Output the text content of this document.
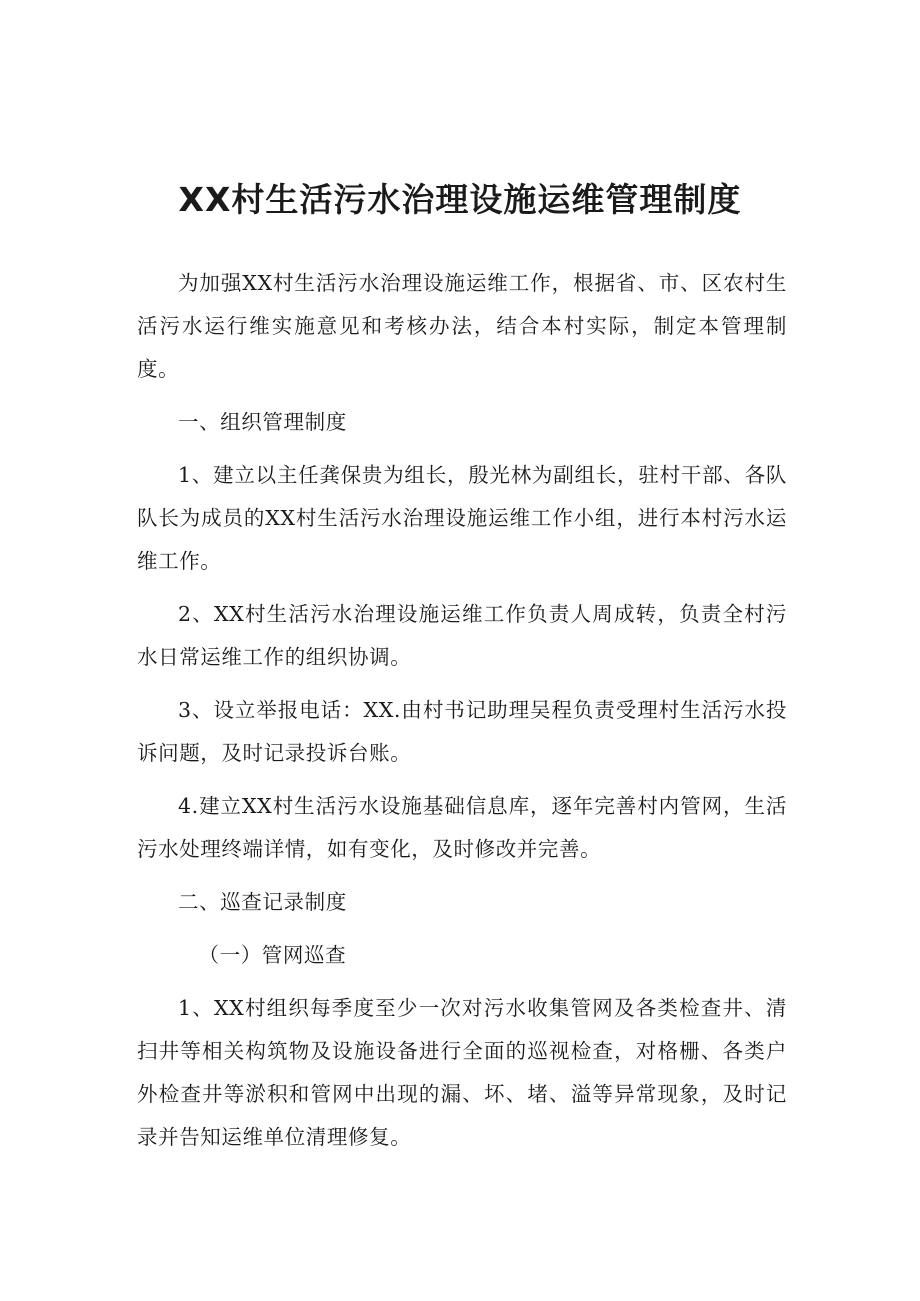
XX村生活污水治理设施运维管理制度

为加强XX村生活污水治理设施运维工作，根据省、市、区农村生活污水运行维实施意见和考核办法，结合本村实际，制定本管理制度。

一、组织管理制度

1、建立以主任龚保贵为组长，殷光林为副组长，驻村干部、各队队长为成员的XX村生活污水治理设施运维工作小组，进行本村污水运维工作。

2、XX村生活污水治理设施运维工作负责人周成转，负责全村污水日常运维工作的组织协调。

3、设立举报电话：XX.由村书记助理吴程负责受理村生活污水投诉问题，及时记录投诉台账。

4.建立XX村生活污水设施基础信息库，逐年完善村内管网，生活污水处理终端详情，如有变化，及时修改并完善。

二、巡查记录制度

（一）管网巡查

1、XX村组织每季度至少一次对污水收集管网及各类检查井、清扫井等相关构筑物及设施设备进行全面的巡视检查，对格栅、各类户外检查井等淤积和管网中出现的漏、坏、堵、溢等异常现象，及时记录并告知运维单位清理修复。
